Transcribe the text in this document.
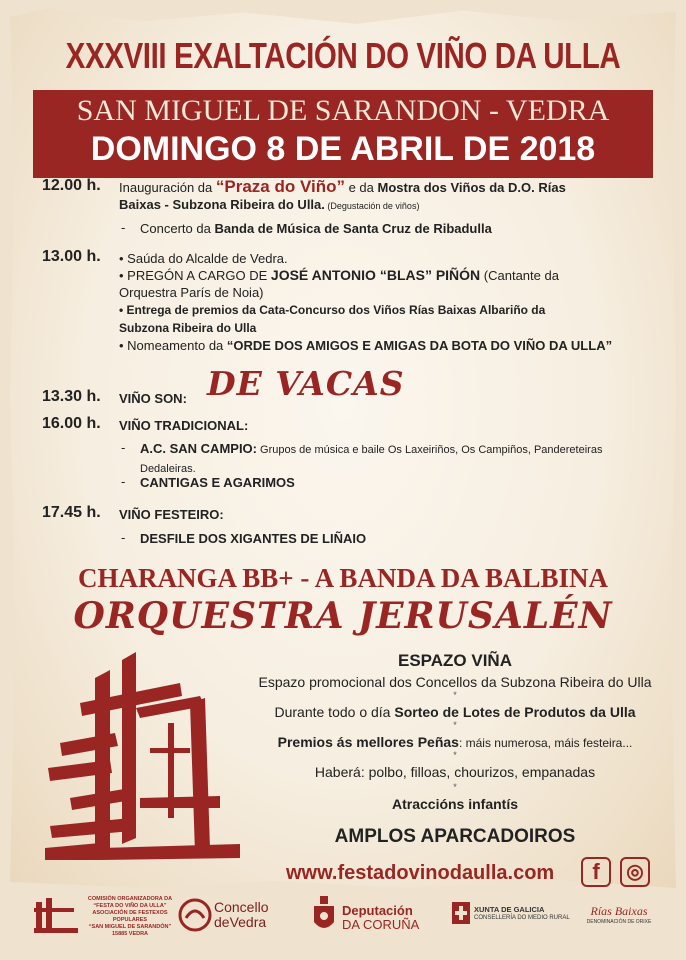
XXXVIII EXALTACIÓN DO VIÑO DA ULLA
SAN MIGUEL DE SARANDON - VEDRA
DOMINGO 8 DE ABRIL DE 2018
12.00 h. Inauguración da “Praza do Viño” e da Mostra dos Viños da D.O. Rías
Baixas - Subzona Ribeira do Ulla. (Degustación de viños)
- Concerto da Banda de Música de Santa Cruz de Ribadulla
13.00 h. • Saúda do Alcalde de Vedra.
• PREGÓN A CARGO DE JOSÉ ANTONIO “BLAS” PIÑÓN (Cantante da
Orquestra París de Noia)
• Entrega de premios da Cata-Concurso dos Viños Rías Baixas Albariño da
Subzona Ribeira do Ulla
• Nomeamento da “ORDE DOS AMIGOS E AMIGAS DA BOTA DO VIÑO DA ULLA”
13.30 h. VIÑO SON: DE VACAS
16.00 h. VIÑO TRADICIONAL:
- A.C. SAN CAMPIO: Grupos de música e baile Os Laxeiriños, Os Campiños, Pandereteiras
Dedaleiras.
- CANTIGAS E AGARIMOS
17.45 h. VIÑO FESTEIRO:
- DESFILE DOS XIGANTES DE LIÑAIO
CHARANGA BB+ - A BANDA DA BALBINA
ORQUESTRA JERUSALÉN
ESPAZO VIÑA
Espazo promocional dos Concellos da Subzona Ribeira do Ulla
*
Durante todo o día Sorteo de Lotes de Produtos da Ulla
*
Premios ás mellores Peñas: máis numerosa, máis festeira...
*
Haberá: polbo, filloas, chourizos, empanadas
*
Atraccións infantís
AMPLOS APARCADOIROS
www.festadovinodaulla.com	f	◎
COMISIÓN ORGANIZADORA DA
“FESTA DO VIÑO DA ULLA”
ASOCIACIÓN DE FESTEXOS POPULARES
“SAN MIGUEL DE SARANDÓN”
15885 VEDRA
Concello
deVedra
Deputación
DA CORUÑA
XUNTA DE GALICIA
CONSELLERÍA DO MEDIO RURAL	Rías Baixas
DENOMINACIÓN DE ORIXE
